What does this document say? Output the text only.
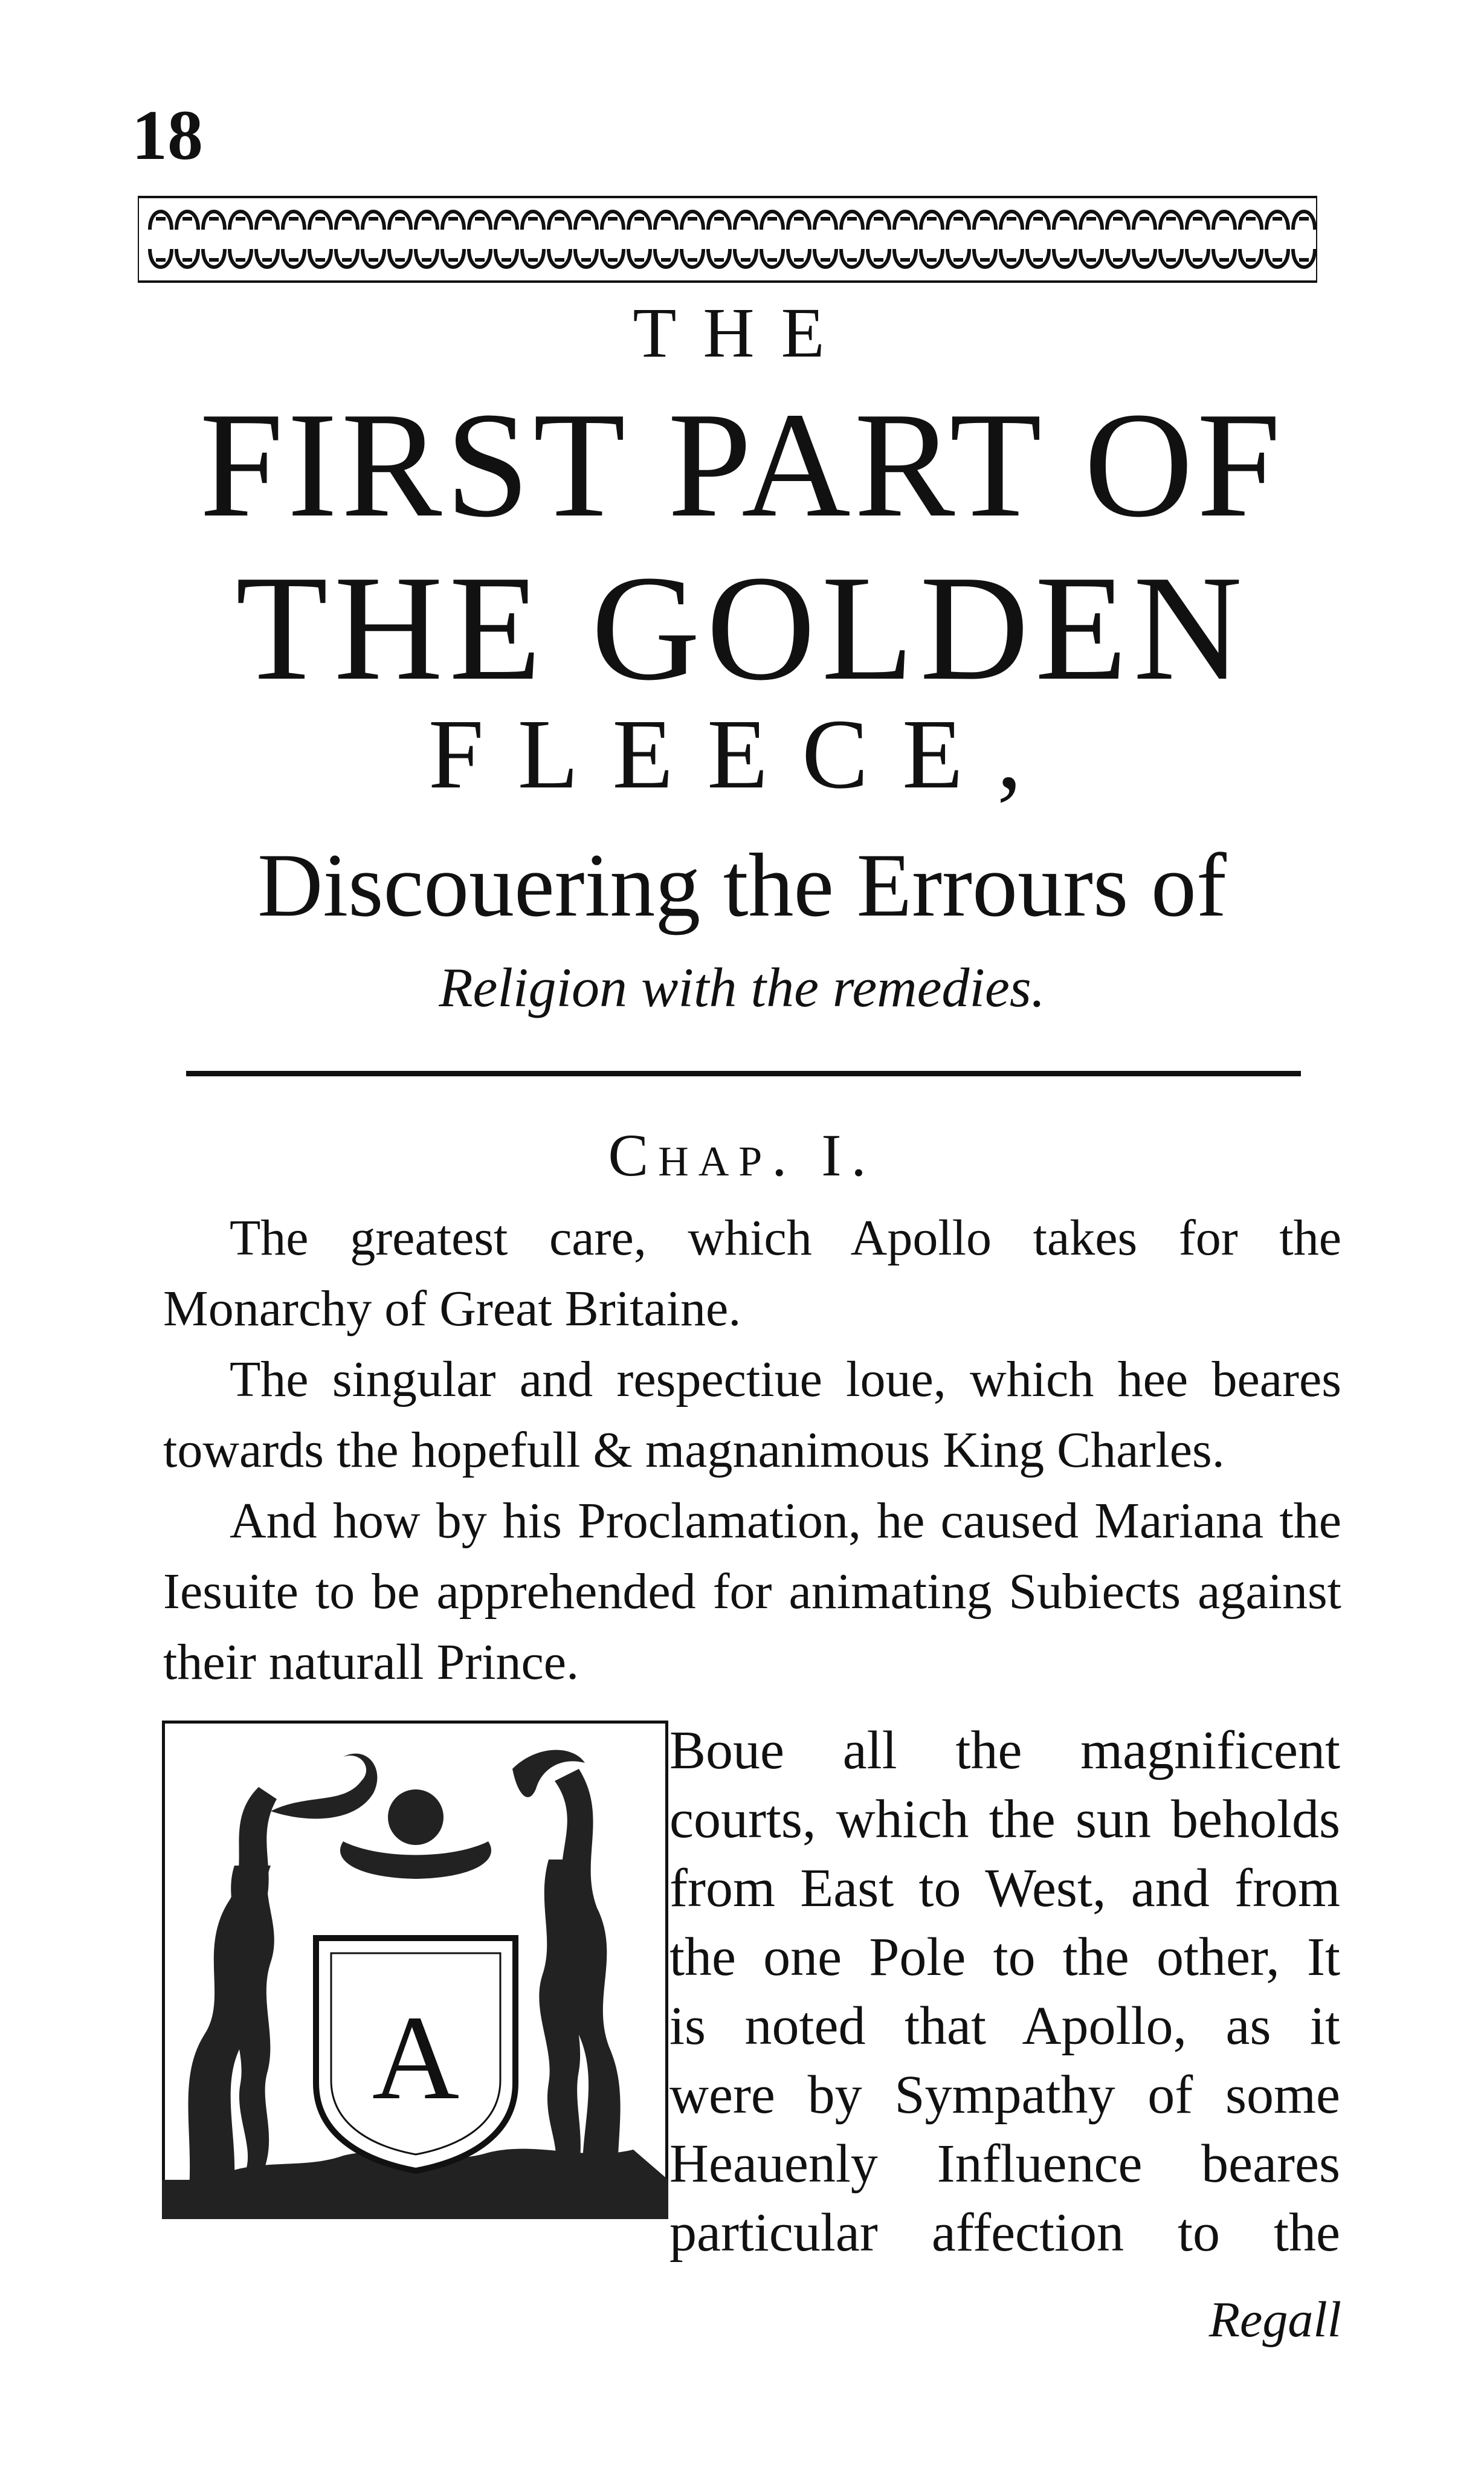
18
THE
FIRST PART OF
THE GOLDEN
FLEECE,
Discouering the Errours of
Religion with the remedies.
Chap. I.

The greatest care, which Apollo takes for the Monarchy of Great Britaine.

The singular and respectiue loue, which hee beares towards the hopefull & magnanimous King Charles.

And how by his Proclamation, he caused Mariana the Iesuite to be apprehended for animating Subiects against their naturall Prince.

A
Boue all the magnificent
courts, which the sun beholds
from East to West, and from
the one Pole to the other, It
is noted that Apollo, as it
were by Sympathy of some
Heauenly Influence beares
particular affection to the
Regall
